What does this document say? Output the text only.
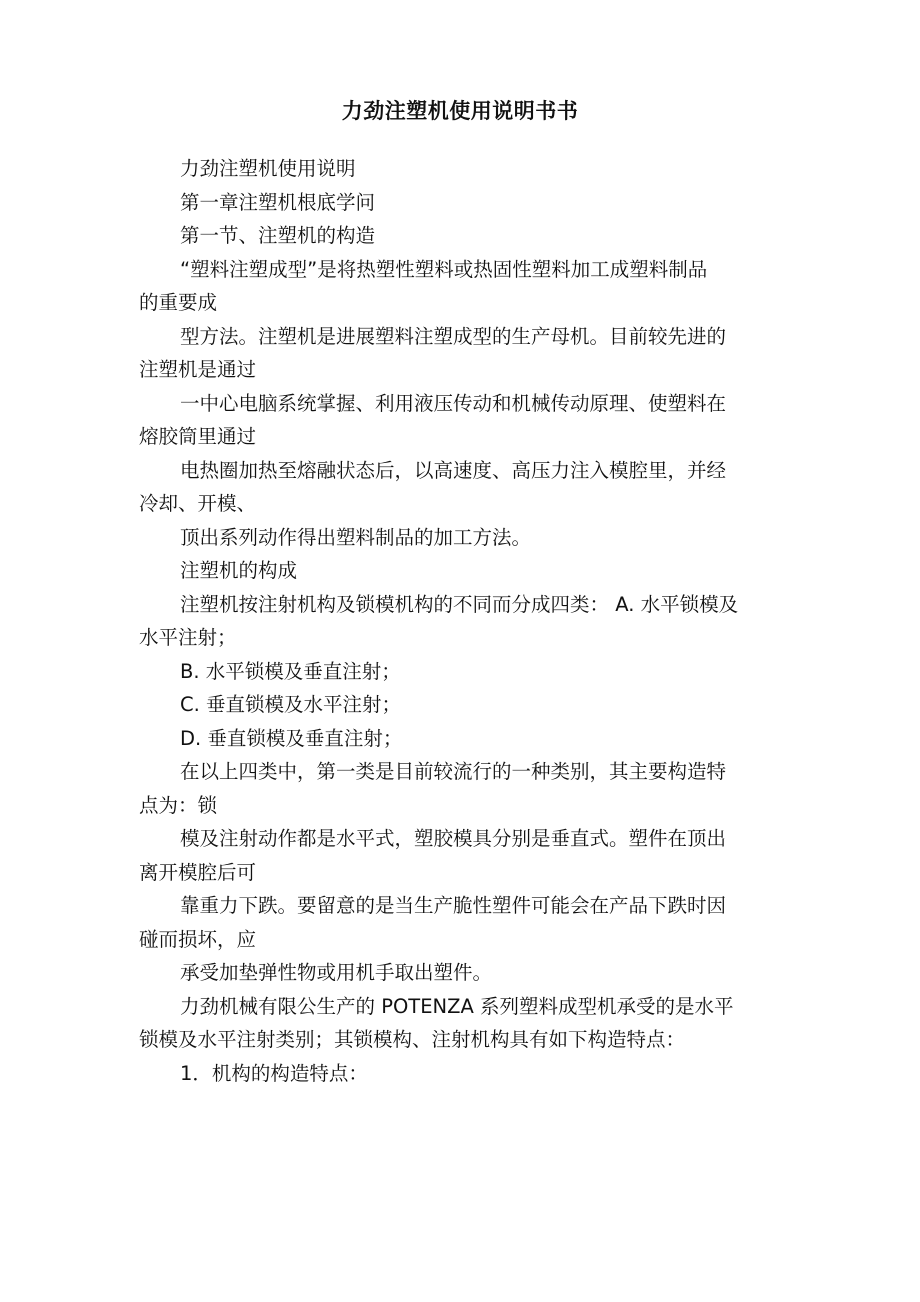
力劲注塑机使用说明书书

力劲注塑机使用说明

第一章注塑机根底学问

第一节、注塑机的构造

“塑料注塑成型”是将热塑性塑料或热固性塑料加工成塑料制品
的重要成

型方法。注塑机是进展塑料注塑成型的生产母机。目前较先进的
注塑机是通过

一中心电脑系统掌握、利用液压传动和机械传动原理、使塑料在
熔胶筒里通过

电热圈加热至熔融状态后，以高速度、高压力注入模腔里，并经
冷却、开模、

顶出系列动作得出塑料制品的加工方法。

注塑机的构成

注塑机按注射机构及锁模机构的不同而分成四类： A. 水平锁模及
水平注射；

B. 水平锁模及垂直注射；

C. 垂直锁模及水平注射；

D. 垂直锁模及垂直注射；

在以上四类中，第一类是目前较流行的一种类别，其主要构造特
点为：锁

模及注射动作都是水平式，塑胶模具分别是垂直式。塑件在顶出
离开模腔后可

靠重力下跌。要留意的是当生产脆性塑件可能会在产品下跌时因
碰而损坏，应

承受加垫弹性物或用机手取出塑件。

力劲机械有限公生产的 POTENZA 系列塑料成型机承受的是水平
锁模及水平注射类别；其锁模构、注射机构具有如下构造特点：

1．机构的构造特点：
